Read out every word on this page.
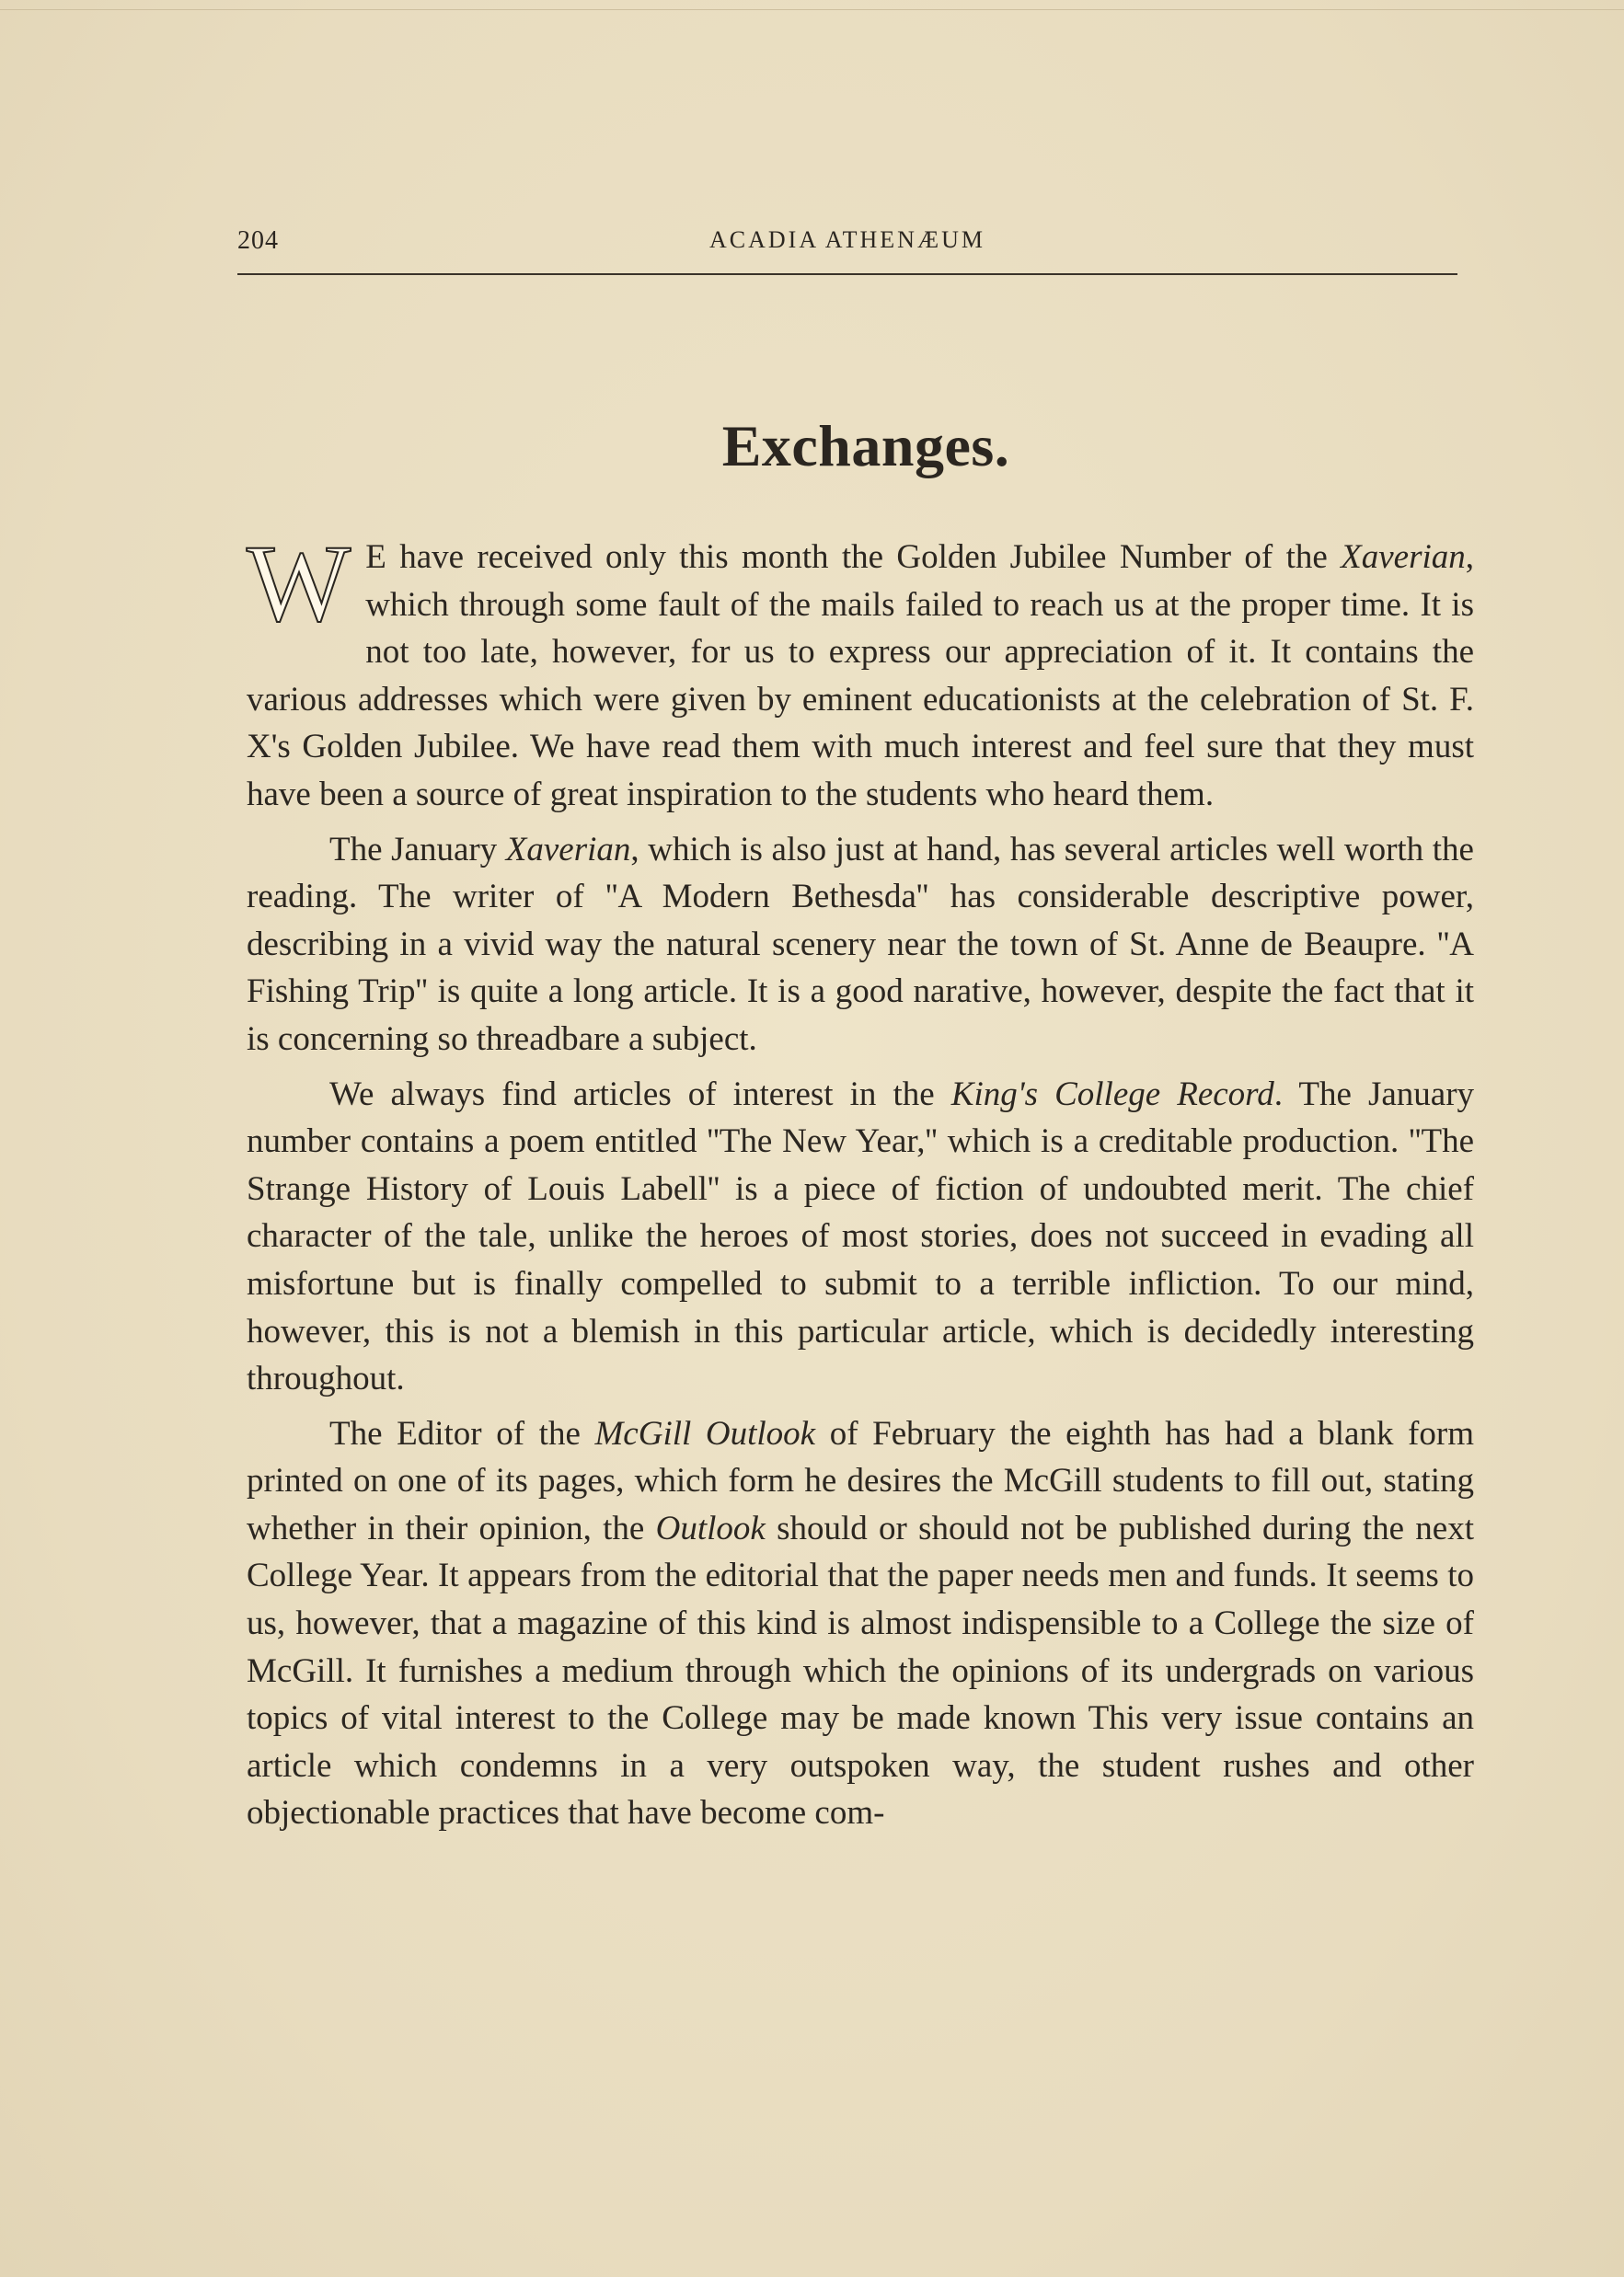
204	ACADIA ATHENÆUM
Exchanges.

W E have received only this month the Golden Jubilee Number of the Xaverian, which through some fault of the mails failed to reach us at the proper time. It is not too late, however, for us to express our appreciation of it. It contains the various addresses which were given by eminent educationists at the celebration of St. F. X's Golden Jubilee. We have read them with much interest and feel sure that they must have been a source of great inspiration to the students who heard them.

The January Xaverian, which is also just at hand, has several articles well worth the reading. The writer of ''A Modern Bethesda'' has considerable descriptive power, describing in a vivid way the natural scenery near the town of St. Anne de Beaupre. ''A Fishing Trip'' is quite a long article. It is a good narative, however, despite the fact that it is concerning so threadbare a subject.

We always find articles of interest in the King's College Record. The January number contains a poem entitled ''The New Year,'' which is a creditable production. ''The Strange History of Louis Labell'' is a piece of fiction of undoubted merit. The chief character of the tale, unlike the heroes of most stories, does not succeed in evading all misfortune but is finally compelled to submit to a terrible infliction. To our mind, however, this is not a blemish in this particular article, which is decidedly interesting throughout.

The Editor of the McGill Outlook of February the eighth has had a blank form printed on one of its pages, which form he desires the McGill students to fill out, stating whether in their opinion, the Outlook should or should not be published during the next College Year. It appears from the editorial that the paper needs men and funds. It seems to us, however, that a magazine of this kind is almost indispensible to a College the size of McGill. It furnishes a medium through which the opinions of its undergrads on various topics of vital interest to the College may be made known This very issue contains an article which condemns in a very outspoken way, the student rushes and other objectionable practices that have become com-
